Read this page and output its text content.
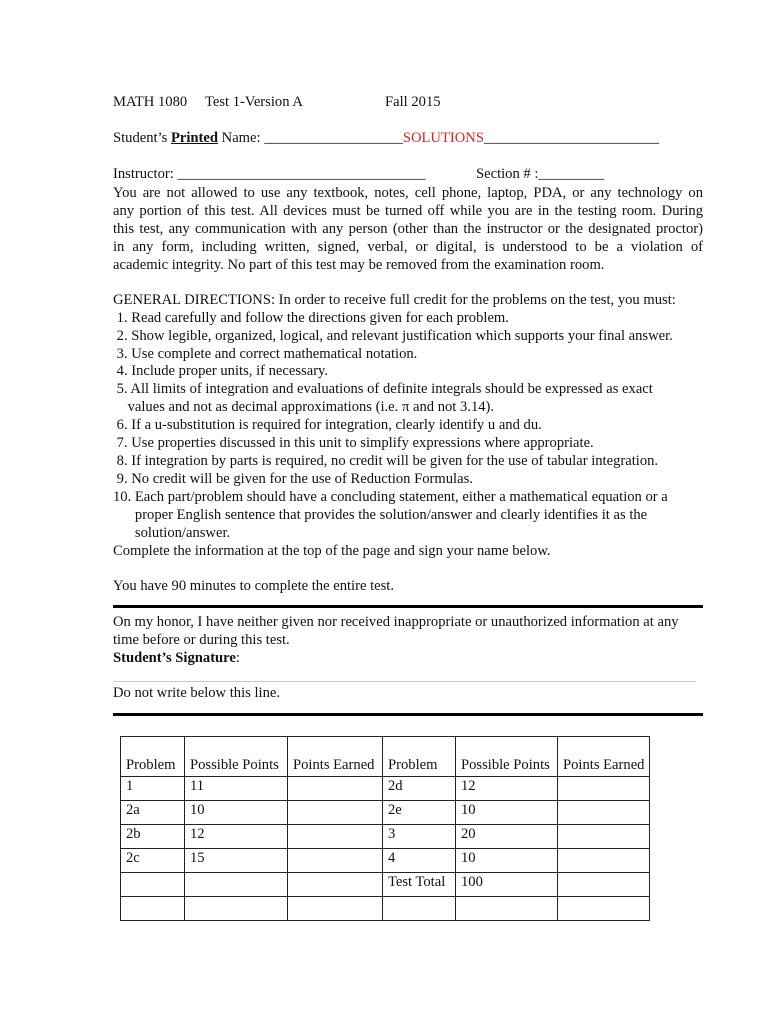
MATH 1080 Test 1-Version A	Fall 2015
Student’s Printed Name: ___________________SOLUTIONS________________________
Instructor: __________________________________	Section # :_________
You are not allowed to use any textbook, notes, cell phone, laptop, PDA, or any technology on
any portion of this test. All devices must be turned off while you are in the testing room. During
this test, any communication with any person (other than the instructor or the designated proctor)
in any form, including written, signed, verbal, or digital, is understood to be a violation of
academic integrity. No part of this test may be removed from the examination room.
GENERAL DIRECTIONS: In order to receive full credit for the problems on the test, you must:
1. Read carefully and follow the directions given for each problem.
2. Show legible, organized, logical, and relevant justification which supports your final answer.
3. Use complete and correct mathematical notation.
4. Include proper units, if necessary.
5. All limits of integration and evaluations of definite integrals should be expressed as exact
values and not as decimal approximations (i.e. π and not 3.14).
6. If a u-substitution is required for integration, clearly identify u and du.
7. Use properties discussed in this unit to simplify expressions where appropriate.
8. If integration by parts is required, no credit will be given for the use of tabular integration.
9. No credit will be given for the use of Reduction Formulas.
10. Each part/problem should have a concluding statement, either a mathematical equation or a
proper English sentence that provides the solution/answer and clearly identifies it as the
solution/answer.
Complete the information at the top of the page and sign your name below.
You have 90 minutes to complete the entire test.
On my honor, I have neither given nor received inappropriate or unauthorized information at any
time before or during this test.
Student’s Signature:
Do not write below this line.
Problem	Possible Points	Points Earned	Problem	Possible Points	Points Earned
1	11		2d	12	
2a	10		2e	10	
2b	12		3	20	
2c	15		4	10	
			Test Total	100	
